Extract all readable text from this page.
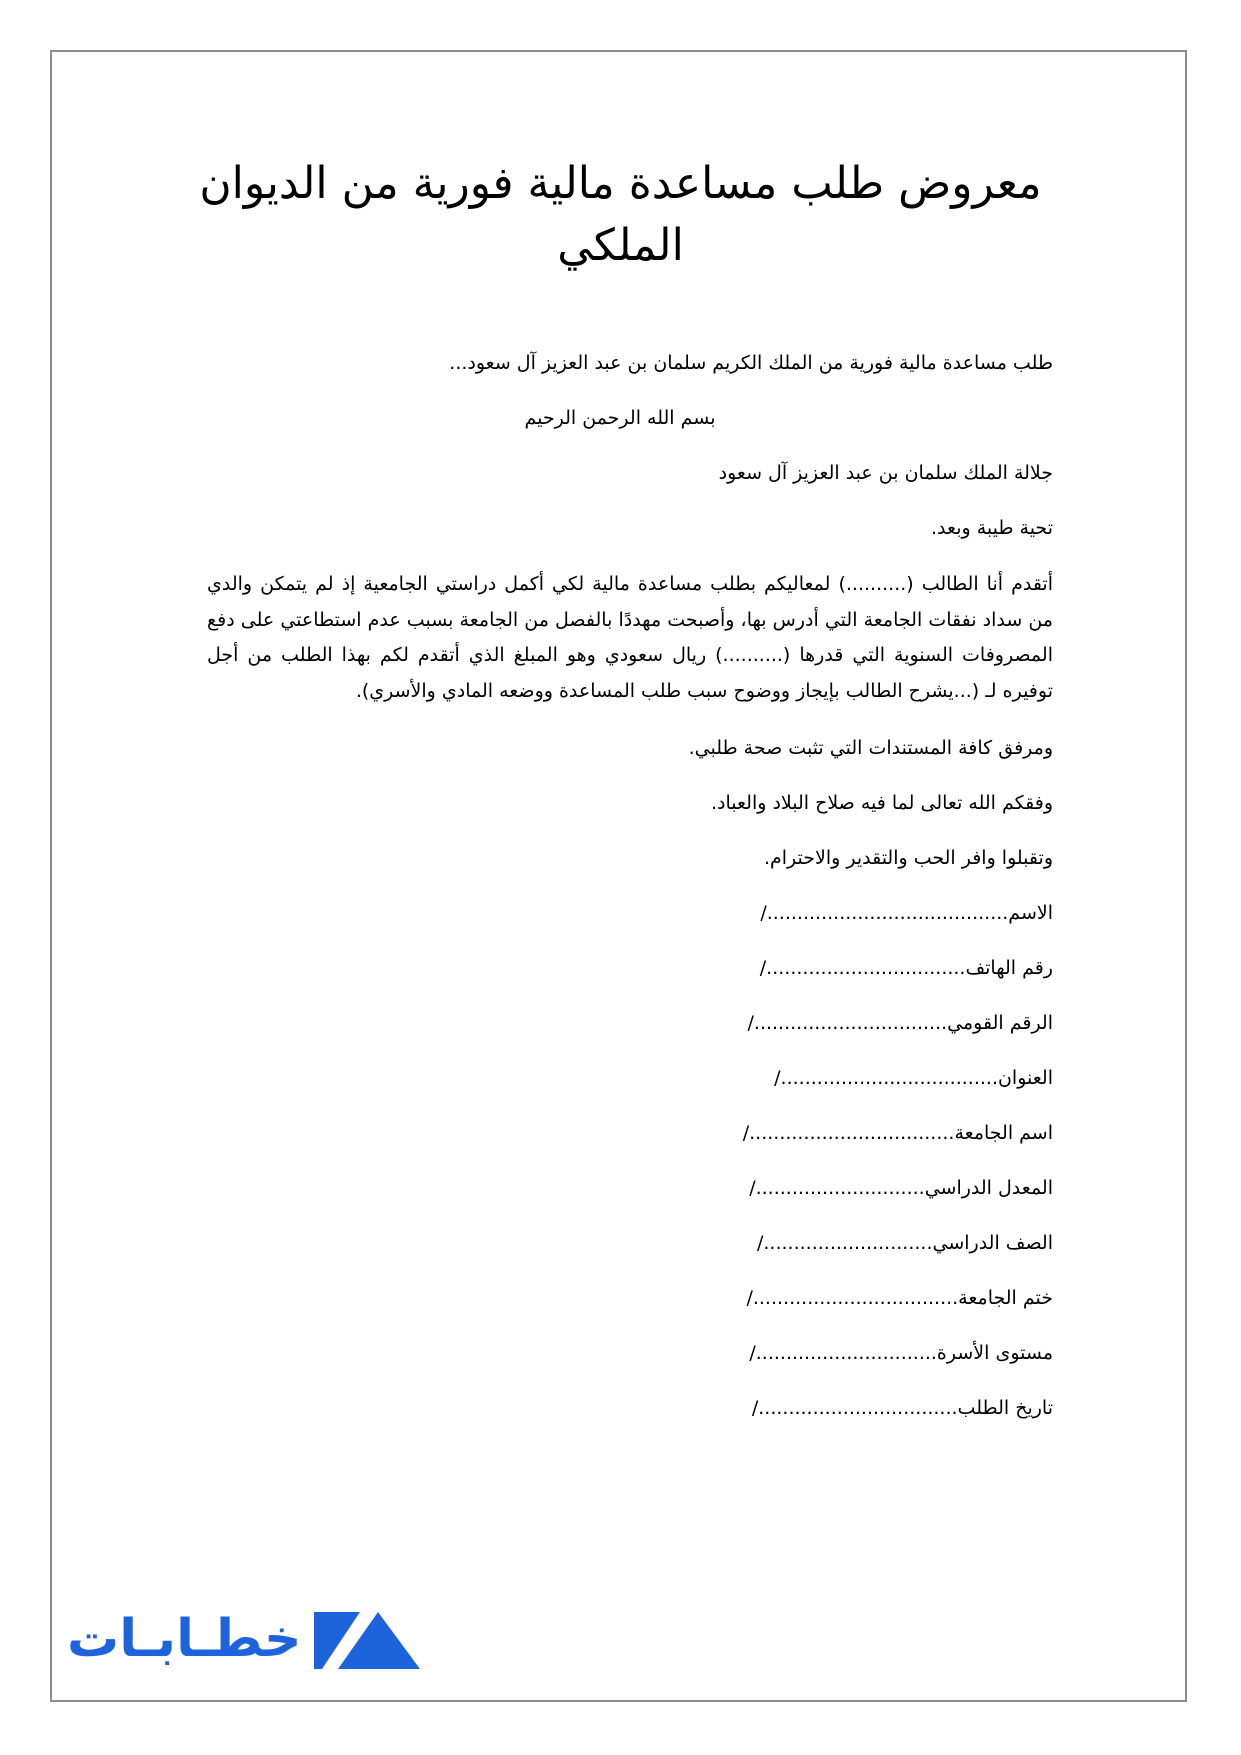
معروض طلب مساعدة مالية فورية من الديوان
الملكي
طلب مساعدة مالية فورية من الملك الكريم سلمان بن عبد العزيز آل سعود...
بسم الله الرحمن الرحيم
جلالة الملك سلمان بن عبد العزيز آل سعود
تحية طيبة وبعد.

أتقدم أنا الطالب (..........) لمعاليكم بطلب مساعدة مالية لكي أكمل دراستي الجامعية إذ لم يتمكن والدي من سداد نفقات الجامعة التي أدرس بها، وأصبحت مهددًا بالفصل من الجامعة بسبب عدم استطاعتي على دفع المصروفات السنوية التي قدرها (..........) ريال سعودي وهو المبلغ الذي أتقدم لكم بهذا الطلب من أجل توفيره لـ (...يشرح الطالب بإيجاز ووضوح سبب طلب المساعدة ووضعه المادي والأسري).

ومرفق كافة المستندات التي تثبت صحة طلبي.
وفقكم الله تعالى لما فيه صلاح البلاد والعباد.
وتقبلوا وافر الحب والتقدير والاحترام.
الاسم......................................../
رقم الهاتف................................./
الرقم القومي................................/
العنوان..................................../
اسم الجامعة................................../
المعدل الدراسي............................/
الصف الدراسي............................/
ختم الجامعة................................../
مستوى الأسرة............................../
تاريخ الطلب................................./
خطـابـات
